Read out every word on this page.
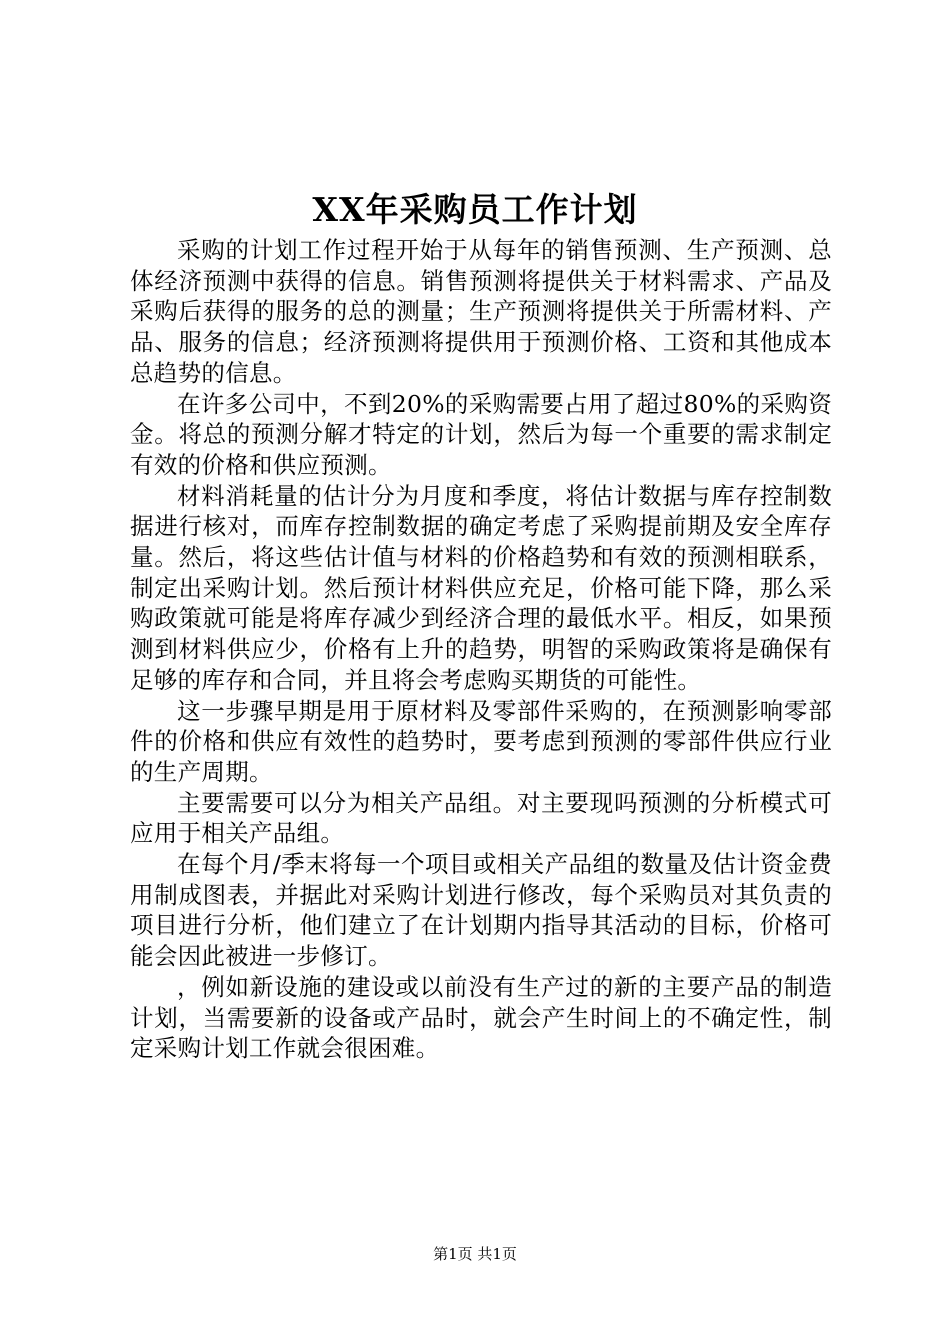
XX年采购员工作计划

采购的计划工作过程开始于从每年的销售预测、生产预测、总体经济预测中获得的信息。销售预测将提供关于材料需求、产品及采购后获得的服务的总的测量；生产预测将提供关于所需材料、产品、服务的信息；经济预测将提供用于预测价格、工资和其他成本总趋势的信息。

在许多公司中，不到20%的采购需要占用了超过80%的采购资金。将总的预测分解才特定的计划，然后为每一个重要的需求制定有效的价格和供应预测。

材料消耗量的估计分为月度和季度，将估计数据与库存控制数据进行核对，而库存控制数据的确定考虑了采购提前期及安全库存量。然后，将这些估计值与材料的价格趋势和有效的预测相联系，制定出采购计划。然后预计材料供应充足，价格可能下降，那么采购政策就可能是将库存减少到经济合理的最低水平。相反，如果预测到材料供应少，价格有上升的趋势，明智的采购政策将是确保有足够的库存和合同，并且将会考虑购买期货的可能性。

这一步骤早期是用于原材料及零部件采购的，在预测影响零部件的价格和供应有效性的趋势时，要考虑到预测的零部件供应行业的生产周期。

主要需要可以分为相关产品组。对主要现吗预测的分析模式可应用于相关产品组。

在每个月/季末将每一个项目或相关产品组的数量及估计资金费用制成图表，并据此对采购计划进行修改，每个采购员对其负责的项目进行分析，他们建立了在计划期内指导其活动的目标，价格可能会因此被进一步修订。

，例如新设施的建设或以前没有生产过的新的主要产品的制造计划，当需要新的设备或产品时，就会产生时间上的不确定性，制定采购计划工作就会很困难。

第1页 共1页
